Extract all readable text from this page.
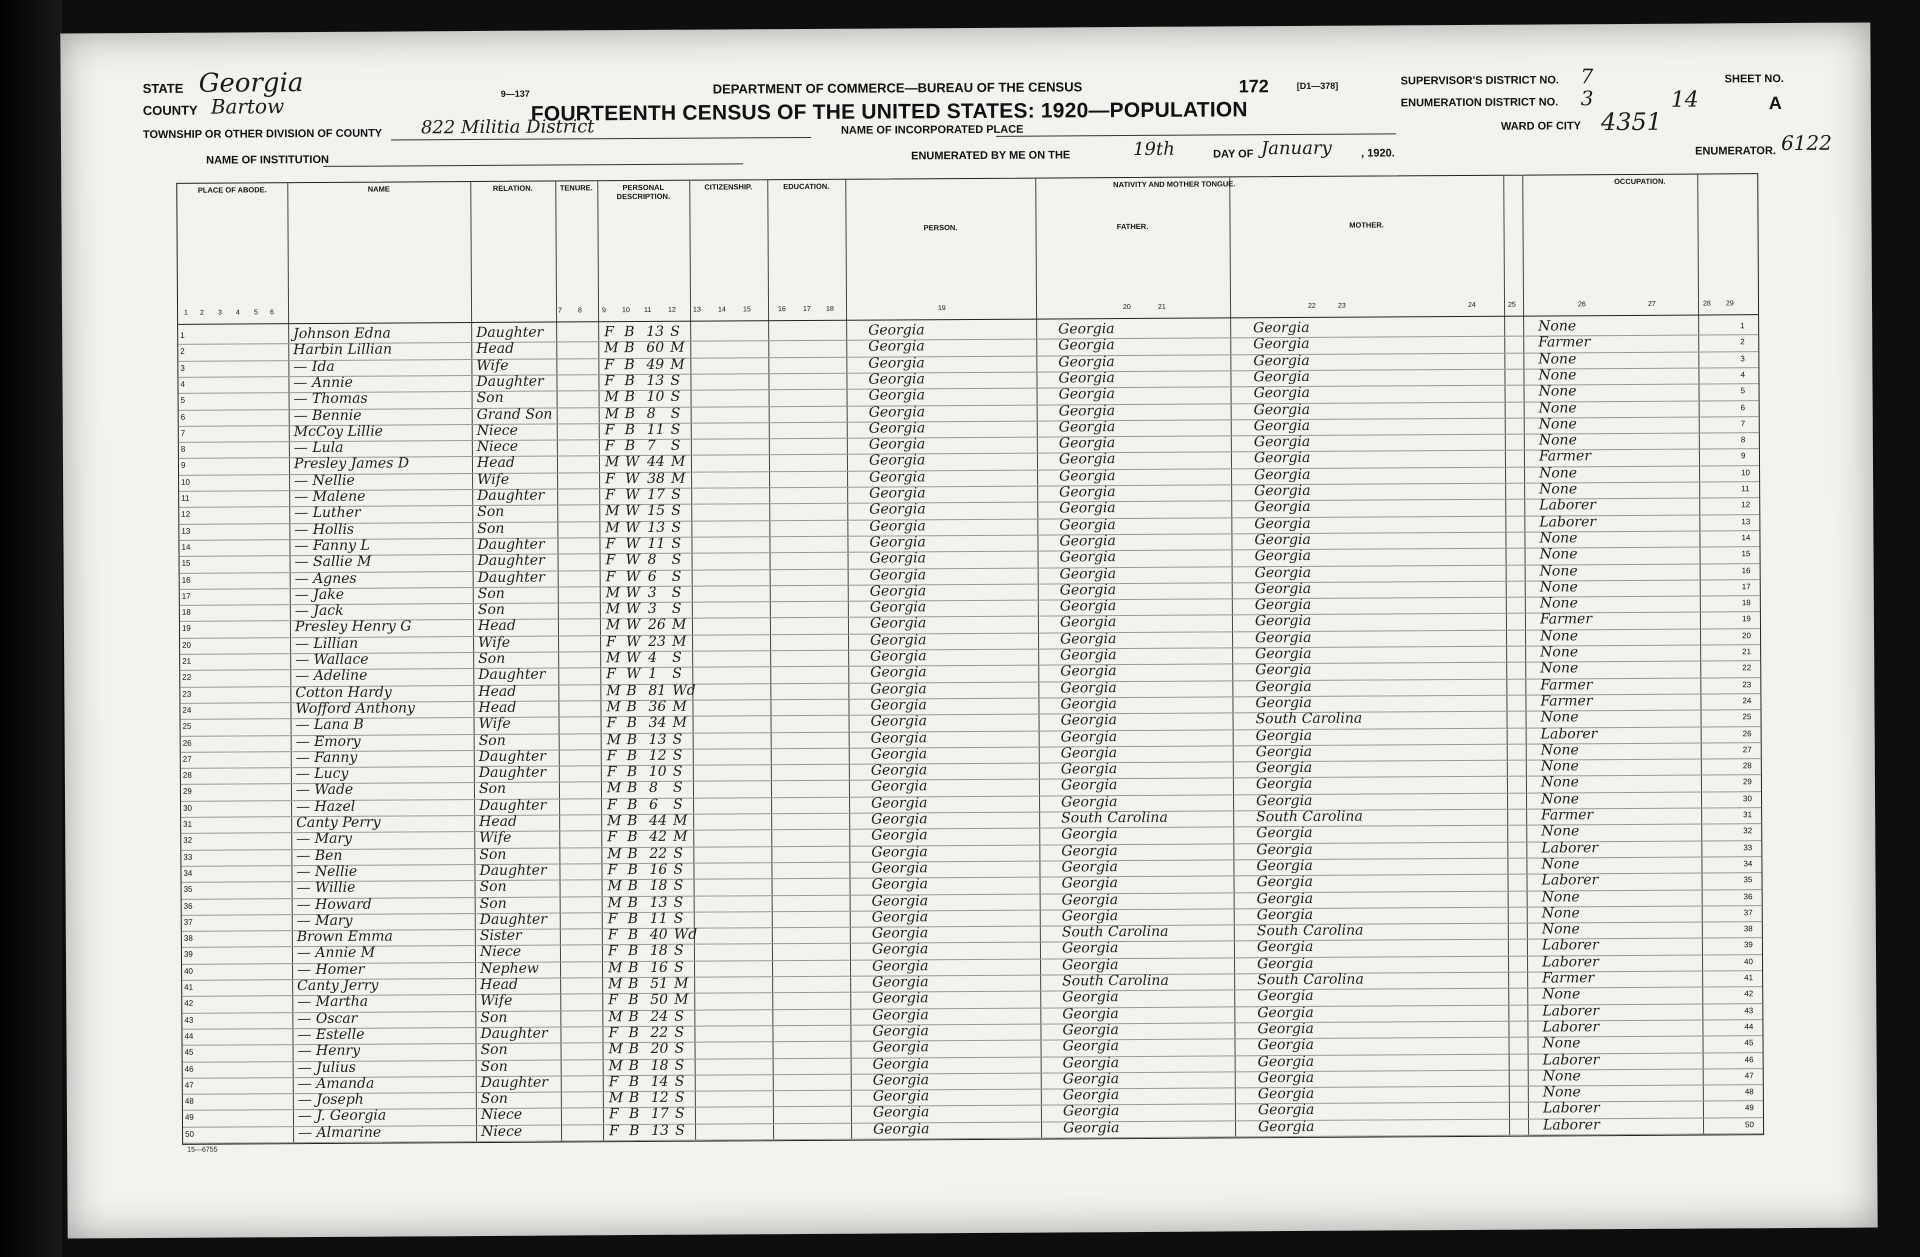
STATE Georgia
COUNTY Bartow
9—137	DEPARTMENT OF COMMERCE—BUREAU OF THE CENSUS
FOURTEENTH CENSUS OF THE UNITED STATES: 1920—POPULATION
172	[D1—378]
TOWNSHIP OR OTHER DIVISION OF COUNTY 822 Militia District	NAME OF INCORPORATED PLACE
NAME OF INSTITUTION	ENUMERATED BY ME ON THE	19th	DAY OF January	, 1920.	ENUMERATOR. 6122
SUPERVISOR'S DISTRICT NO. 7
ENUMERATION DISTRICT NO. 3
WARD OF CITY 4351
SHEET NO.
14	A
PLACE OF ABODE.	NAME	RELATION.	TENURE.	PERSONAL DESCRIPTION.
CITIZENSHIP.	EDUCATION.	NATIVITY AND MOTHER TONGUE.	OCCUPATION.
PERSON.	FATHER.	MOTHER.
1
1
Johnson Edna	Daughter	F B 13 S	Georgia	Georgia	Georgia	None
2
2
Harbin Lillian	Head	M B 60 M	Georgia	Georgia	Georgia	Farmer
3
3
— Ida	Wife	F B 49 M	Georgia	Georgia	Georgia	None
4
4
— Annie	Daughter	F B 13 S	Georgia	Georgia	Georgia	None
5
5
— Thomas	Son	M B 10 S	Georgia	Georgia	Georgia	None
6
6
— Bennie	Grand Son	M B 8	S	Georgia	Georgia	Georgia	None
7
7
McCoy Lillie	Niece	F B 11 S	Georgia	Georgia	Georgia	None
8
8
— Lula	Niece	F B 7	S	Georgia	Georgia	Georgia	None
9
9
Presley James D	Head	M W 44 M	Georgia	Georgia	Georgia	Farmer
10
10
— Nellie	Wife	F W 38 M	Georgia	Georgia	Georgia	None
11
11
— Malene	Daughter	F W 17 S	Georgia	Georgia	Georgia	None
12
12
— Luther	Son	M W 15 S	Georgia	Georgia	Georgia	Laborer
13
13
— Hollis	Son	M W 13 S	Georgia	Georgia	Georgia	Laborer
14
14
— Fanny L	Daughter	F W 11 S	Georgia	Georgia	Georgia	None
15
15
— Sallie M	Daughter	F W 8	S	Georgia	Georgia	Georgia	None
16
16
— Agnes	Daughter	F W 6	S	Georgia	Georgia	Georgia	None
17
17
— Jake	Son	M W 3	S	Georgia	Georgia	Georgia	None
18
18
— Jack	Son	M W 3	S	Georgia	Georgia	Georgia	None
19
19
Presley Henry G	Head	M W 26 M	Georgia	Georgia	Georgia	Farmer
20
20
— Lillian	Wife	F W 23 M	Georgia	Georgia	Georgia	None
21
21
— Wallace	Son	M W 4	S	Georgia	Georgia	Georgia	None
22
22
— Adeline	Daughter	F W 1	S	Georgia	Georgia	Georgia	None
23
23
Cotton Hardy	Head	M B 81 Wd	Georgia	Georgia	Georgia	Farmer
24
24
Wofford Anthony	Head	M B 36 M	Georgia	Georgia	Georgia	Farmer
25
25
— Lana B	Wife	F B 34 M	Georgia	Georgia	South Carolina	None
26
26
— Emory	Son	M B 13 S	Georgia	Georgia	Georgia	Laborer
27
27
— Fanny	Daughter	F B 12 S	Georgia	Georgia	Georgia	None
28
28
— Lucy	Daughter	F B 10 S	Georgia	Georgia	Georgia	None
29
29
— Wade	Son	M B 8	S	Georgia	Georgia	Georgia	None
30
30
— Hazel	Daughter	F B 6	S	Georgia	Georgia	Georgia	None
31
31
Canty Perry	Head	M B 44 M	Georgia	South Carolina	South Carolina	Farmer
32
32
— Mary	Wife	F B 42 M	Georgia	Georgia	Georgia	None
33
33
— Ben	Son	M B 22 S	Georgia	Georgia	Georgia	Laborer
34
34
— Nellie	Daughter	F B 16 S	Georgia	Georgia	Georgia	None
35
35
— Willie	Son	M B 18 S	Georgia	Georgia	Georgia	Laborer
36
36
— Howard	Son	M B 13 S	Georgia	Georgia	Georgia	None
37
37
— Mary	Daughter	F B 11 S	Georgia	Georgia	Georgia	None
38
38
Brown Emma	Sister	F B 40 Wd	Georgia	South Carolina	South Carolina	None
39
39
— Annie M	Niece	F B 18 S	Georgia	Georgia	Georgia	Laborer
40
40
— Homer	Nephew	M B 16 S	Georgia	Georgia	Georgia	Laborer
41
41
Canty Jerry	Head	M B 51 M	Georgia	South Carolina	South Carolina	Farmer
42
42
— Martha	Wife	F B 50 M	Georgia	Georgia	Georgia	None
43
43
— Oscar	Son	M B 24 S	Georgia	Georgia	Georgia	Laborer
44
44
— Estelle	Daughter	F B 22 S	Georgia	Georgia	Georgia	Laborer
45
45
— Henry	Son	M B 20 S	Georgia	Georgia	Georgia	None
46
46
— Julius	Son	M B 18 S	Georgia	Georgia	Georgia	Laborer
47
47
— Amanda	Daughter	F B 14 S	Georgia	Georgia	Georgia	None
48
48
— Joseph	Son	M B 12 S	Georgia	Georgia	Georgia	None
49
49
— J. Georgia	Niece	F B 17 S	Georgia	Georgia	Georgia	Laborer
50
50
— Almarine	Niece	F B 13 S	Georgia	Georgia	Georgia	Laborer
1 2 3 4 5 6	7 8	9 10 11 12 13 14 15	16 17 18	19	20	21	22	23	24	25	26	27	28 29
15—6755
